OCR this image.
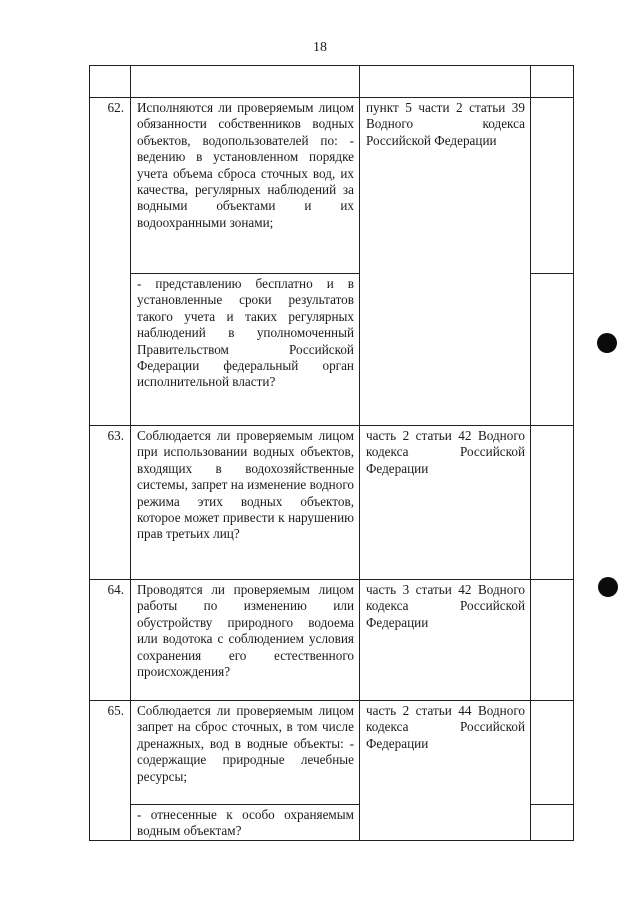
18

62.	Исполняются ли проверяемым лицом обязанности собственников водных объектов, водопользователей по: - ведению в установленном порядке учета объема сброса сточных вод, их качества, регулярных наблюдений за водными объектами и их водоохранными зонами;	пункт 5 части 2 статьи 39 Водного кодекса Российской Федерации	
	- представлению бесплатно и в установленные сроки результатов такого учета и таких регулярных наблюдений в уполномоченный Правительством Российской Федерации федеральный орган исполнительной власти?		
63.	Соблюдается ли проверяемым лицом при использовании водных объектов, входящих в водохозяйственные системы, запрет на изменение водного режима этих водных объектов, которое может привести к нарушению прав третьих лиц?	часть 2 статьи 42 Водного кодекса Российской Федерации	
64.	Проводятся ли проверяемым лицом работы по изменению или обустройству природного водоема или водотока с соблюдением условия сохранения его естественного происхождения?	часть 3 статьи 42 Водного кодекса Российской Федерации	
65.	Соблюдается ли проверяемым лицом запрет на сброс сточных, в том числе дренажных, вод в водные объекты: - содержащие природные лечебные ресурсы;	часть 2 статьи 44 Водного кодекса Российской Федерации	
	- отнесенные к особо охраняемым водным объектам?		
